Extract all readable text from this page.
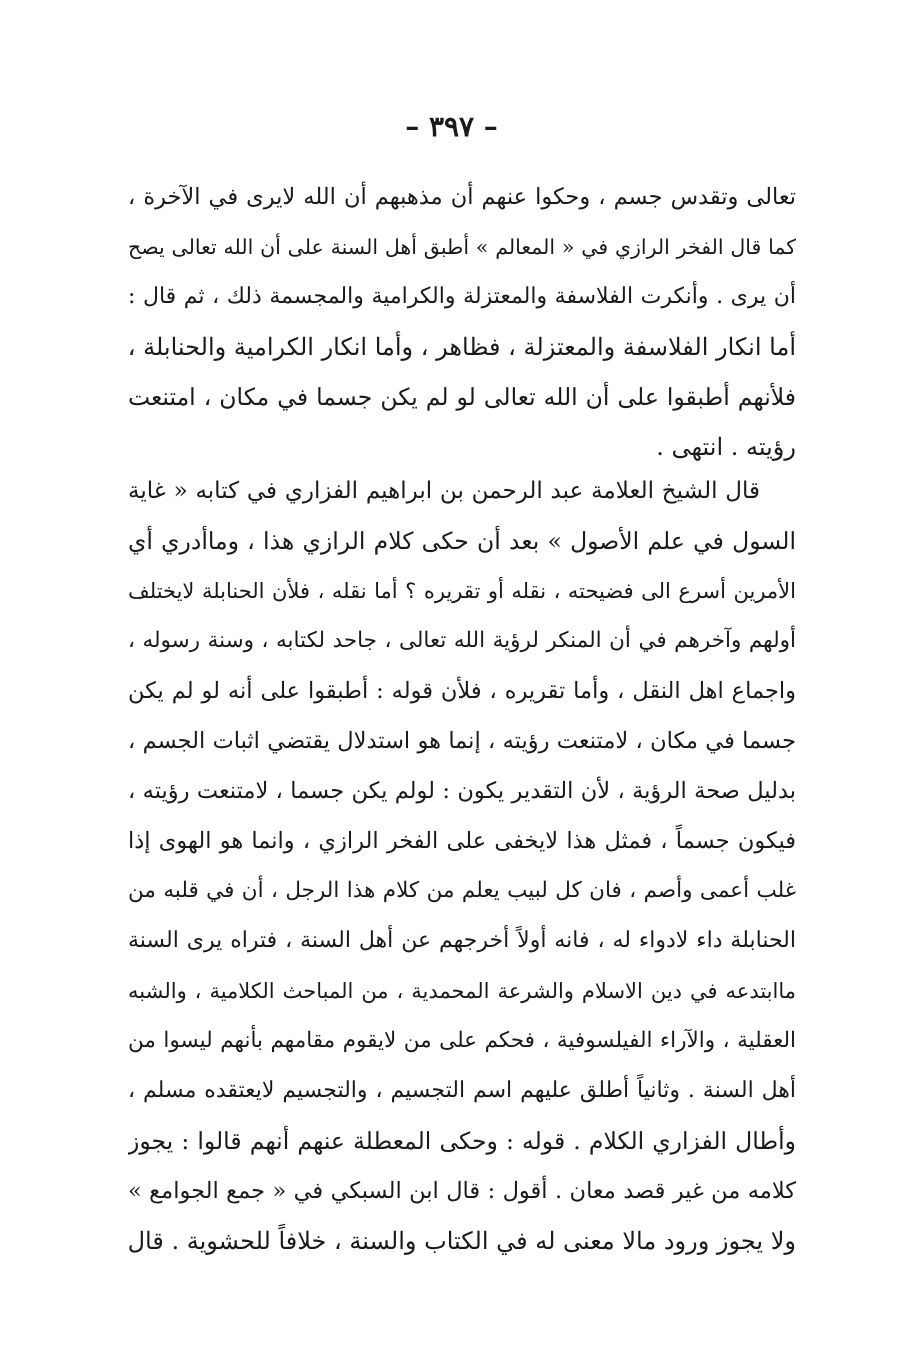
– ٣٩٧ –
تعالى وتقدس جسم ، وحكوا عنهم أن مذهبهم أن الله لايرى في الآخرة ،
كما قال الفخر الرازي في « المعالم » أطبق أهل السنة على أن الله تعالى يصح
أن يرى . وأنكرت الفلاسفة والمعتزلة والكرامية والمجسمة ذلك ، ثم قال :
أما انكار الفلاسفة والمعتزلة ، فظاهر ، وأما انكار الكرامية والحنابلة ،
فلأنهم أطبقوا على أن الله تعالى لو لم يكن جسما في مكان ، امتنعت
رؤيته . انتهى .
قال الشيخ العلامة عبد الرحمن بن ابراهيم الفزاري في كتابه « غاية
السول في علم الأصول » بعد أن حكى كلام الرازي هذا ، وماأدري أي
الأمرين أسرع الى فضيحته ، نقله أو تقريره ؟ أما نقله ، فلأن الحنابلة لايختلف
أولهم وآخرهم في أن المنكر لرؤية الله تعالى ، جاحد لكتابه ، وسنة رسوله ،
واجماع اهل النقل ، وأما تقريره ، فلأن قوله : أطبقوا على أنه لو لم يكن
جسما في مكان ، لامتنعت رؤيته ، إنما هو استدلال يقتضي اثبات الجسم ،
بدليل صحة الرؤية ، لأن التقدير يكون : لولم يكن جسما ، لامتنعت رؤيته ،
فيكون جسماً ، فمثل هذا لايخفى على الفخر الرازي ، وانما هو الهوى إذا
غلب أعمى وأصم ، فان كل لبيب يعلم من كلام هذا الرجل ، أن في قلبه من
الحنابلة داء لادواء له ، فانه أولاً أخرجهم عن أهل السنة ، فتراه يرى السنة
ماابتدعه في دين الاسلام والشرعة المحمدية ، من المباحث الكلامية ، والشبه
العقلية ، والآراء الفيلسوفية ، فحكم على من لايقوم مقامهم بأنهم ليسوا من
أهل السنة . وثانياً أطلق عليهم اسم التجسيم ، والتجسيم لايعتقده مسلم ،
وأطال الفزاري الكلام . قوله : وحكى المعطلة عنهم أنهم قالوا : يجوز
كلامه من غير قصد معان . أقول : قال ابن السبكي في « جمع الجوامع »
ولا يجوز ورود مالا معنى له في الكتاب والسنة ، خلافاً للحشوية . قال
